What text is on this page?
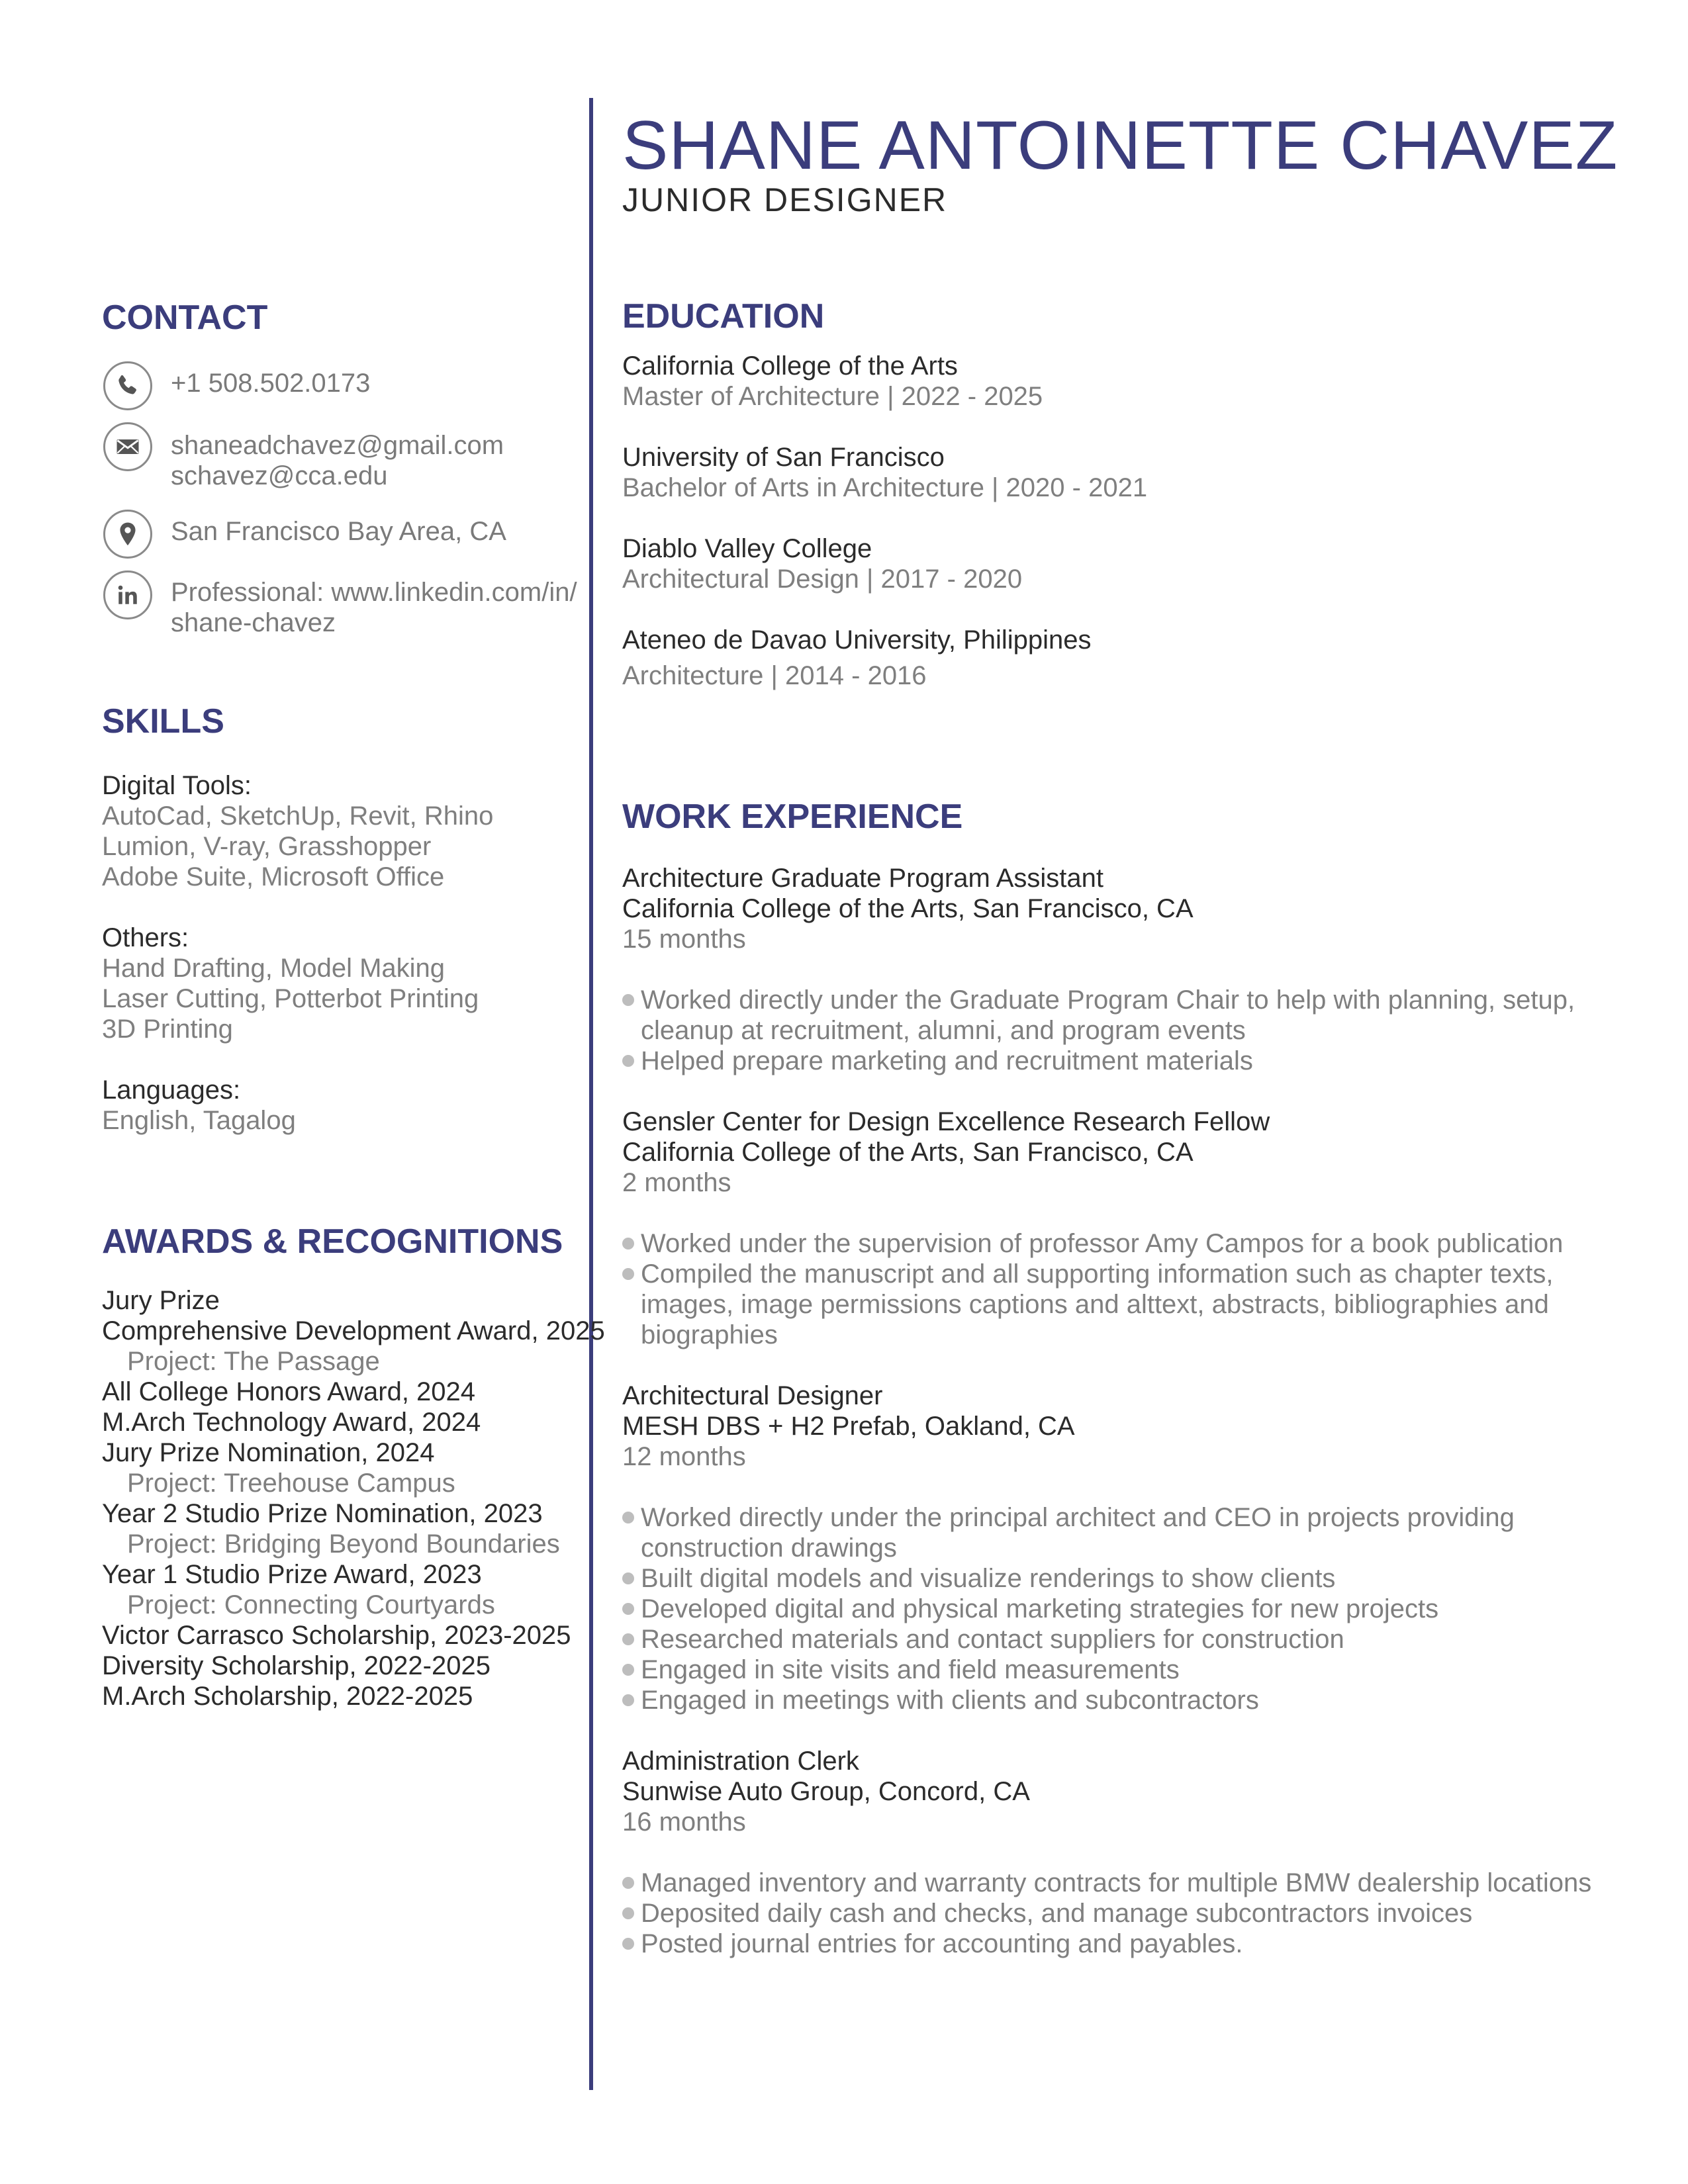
SHANE ANTOINETTE CHAVEZ
JUNIOR DESIGNER
CONTACT
+1 508.502.0173
shaneadchavez@gmail.com
schavez@cca.edu
San Francisco Bay Area, CA
Professional: www.linkedin.com/in/
shane-chavez
SKILLS
Digital Tools:
AutoCad, SketchUp, Revit, Rhino
Lumion, V-ray, Grasshopper
Adobe Suite, Microsoft Office
Others:
Hand Drafting, Model Making
Laser Cutting, Potterbot Printing
3D Printing
Languages:
English, Tagalog
AWARDS & RECOGNITIONS
Jury Prize
Comprehensive Development Award, 2025
Project: The Passage
All College Honors Award, 2024
M.Arch Technology Award, 2024
Jury Prize Nomination, 2024
Project: Treehouse Campus
Year 2 Studio Prize Nomination, 2023
Project: Bridging Beyond Boundaries
Year 1 Studio Prize Award, 2023
Project: Connecting Courtyards
Victor Carrasco Scholarship, 2023-2025
Diversity Scholarship, 2022-2025
M.Arch Scholarship, 2022-2025
EDUCATION
California College of the Arts
Master of Architecture | 2022 - 2025
University of San Francisco
Bachelor of Arts in Architecture | 2020 - 2021
Diablo Valley College
Architectural Design | 2017 - 2020
Ateneo de Davao University, Philippines
Architecture | 2014 - 2016
WORK EXPERIENCE
Architecture Graduate Program Assistant
California College of the Arts, San Francisco, CA
15 months
Worked directly under the Graduate Program Chair to help with planning, setup, cleanup at recruitment, alumni, and program events
Helped prepare marketing and recruitment materials
Gensler Center for Design Excellence Research Fellow
California College of the Arts, San Francisco, CA
2 months
Worked under the supervision of professor Amy Campos for a book publication
Compiled the manuscript and all supporting information such as chapter texts, images, image permissions captions and alttext, abstracts, bibliographies and biographies
Architectural Designer
MESH DBS + H2 Prefab, Oakland, CA
12 months
Worked directly under the principal architect and CEO in projects providing construction drawings
Built digital models and visualize renderings to show clients
Developed digital and physical marketing strategies for new projects
Researched materials and contact suppliers for construction
Engaged in site visits and field measurements
Engaged in meetings with clients and subcontractors
Administration Clerk
Sunwise Auto Group, Concord, CA
16 months
Managed inventory and warranty contracts for multiple BMW dealership locations
Deposited daily cash and checks, and manage subcontractors invoices
Posted journal entries for accounting and payables.
